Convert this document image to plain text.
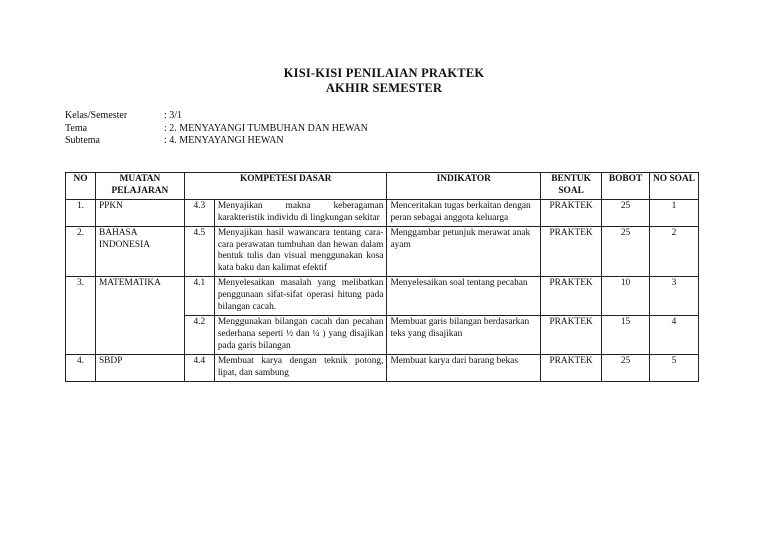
KISI-KISI PENILAIAN PRAKTEK
AKHIR SEMESTER
Kelas/Semester	: 3/1
Tema	: 2. MENYAYANGI TUMBUHAN DAN HEWAN
Subtema	: 4. MENYAYANGI HEWAN
NO	MUATAN PELAJARAN	KOMPETESI DASAR		INDIKATOR	BENTUK SOAL	BOBOT	NO SOAL
1.	PPKN	4.3	Menyajikan makna keberagaman karakteristik individu di lingkungan sekitar	Menceritakan tugas berkaitan dengan peran sebagai anggota keluarga	PRAKTEK	25	1
2.	BAHASA INDONESIA	4.5	Menyajikan hasil wawancara tentang cara-cara perawatan tumbuhan dan hewan dalam bentuk tulis dan visual menggunakan kosa kata baku dan kalimat efektif	Menggambar petunjuk merawat anak ayam	PRAKTEK	25	2
3.	MATEMATIKA	4.1	Menyelesaikan masalah yang melibatkan penggunaan sifat-sifat operasi hitung pada bilangan cacah.	Menyelesaikan soal tentang pecahan	PRAKTEK	10	3
		4.2	Menggunakan bilangan cacah dan pecahan sederhana seperti ½ dan ¼ ) yang disajikan pada garis bilangan	Membuat garis bilangan berdasarkan teks yang disajikan	PRAKTEK	15	4
4.	SBDP	4.4	Membuat karya dengan teknik potong, lipat, dan sambung	Membuat karya dari barang bekas	PRAKTEK	25	5
